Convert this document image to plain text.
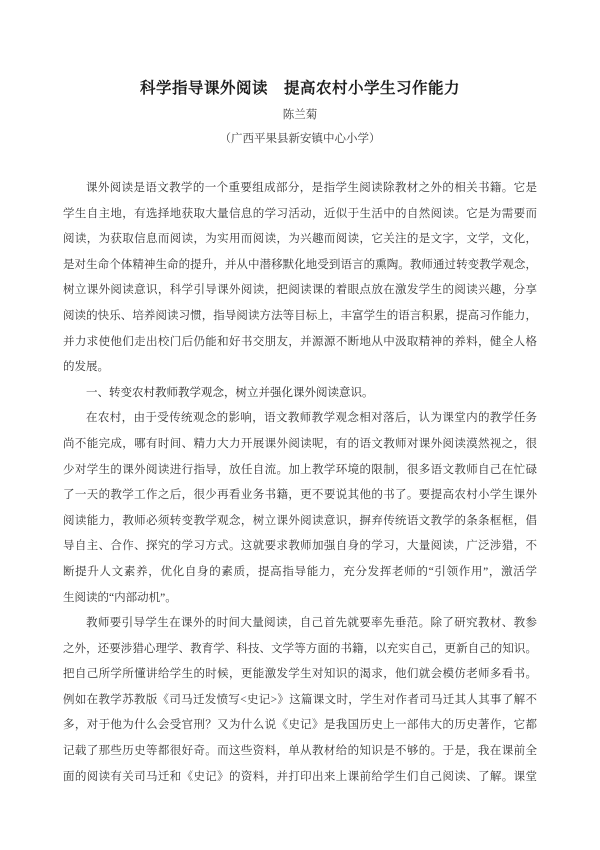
科学指导课外阅读　提高农村小学生习作能力
陈兰菊
（广西平果县新安镇中心小学）
课外阅读是语文教学的一个重要组成部分，是指学生阅读除教材之外的相关书籍。它是
学生自主地，有选择地获取大量信息的学习活动，近似于生活中的自然阅读。它是为需要而
阅读，为获取信息而阅读，为实用而阅读，为兴趣而阅读，它关注的是文字，文学，文化，
是对生命个体精神生命的提升，并从中潜移默化地受到语言的熏陶。教师通过转变教学观念，
树立课外阅读意识，科学引导课外阅读，把阅读课的着眼点放在激发学生的阅读兴趣，分享
阅读的快乐、培养阅读习惯，指导阅读方法等目标上，丰富学生的语言积累，提高习作能力，
并力求使他们走出校门后仍能和好书交朋友，并源源不断地从中汲取精神的养料，健全人格
的发展。
一、转变农村教师教学观念，树立并强化课外阅读意识。
在农村，由于受传统观念的影响，语文教师教学观念相对落后，认为课堂内的教学任务
尚不能完成，哪有时间、精力大力开展课外阅读呢，有的语文教师对课外阅读漠然视之，很
少对学生的课外阅读进行指导，放任自流。加上教学环境的限制，很多语文教师自己在忙碌
了一天的教学工作之后，很少再看业务书籍，更不要说其他的书了。要提高农村小学生课外
阅读能力，教师必须转变教学观念，树立课外阅读意识，摒弃传统语文教学的条条框框，倡
导自主、合作、探究的学习方式。这就要求教师加强自身的学习，大量阅读，广泛涉猎，不
断提升人文素养，优化自身的素质，提高指导能力，充分发挥老师的“引领作用”，激活学
生阅读的“内部动机”。
教师要引导学生在课外的时间大量阅读，自己首先就要率先垂范。除了研究教材、教参
之外，还要涉猎心理学、教育学、科技、文学等方面的书籍，以充实自己，更新自己的知识。
把自己所学所懂讲给学生的时候，更能激发学生对知识的渴求，他们就会模仿老师多看书。
例如在教学苏教版《司马迁发愤写<史记>》这篇课文时，学生对作者司马迁其人其事了解不
多，对于他为什么会受官刑？又为什么说《史记》是我国历史上一部伟大的历史著作，它都
记载了那些历史等都很好奇。而这些资料，单从教材给的知识是不够的。于是，我在课前全
面的阅读有关司马迁和《史记》的资料，并打印出来上课前给学生们自己阅读、了解。课堂
